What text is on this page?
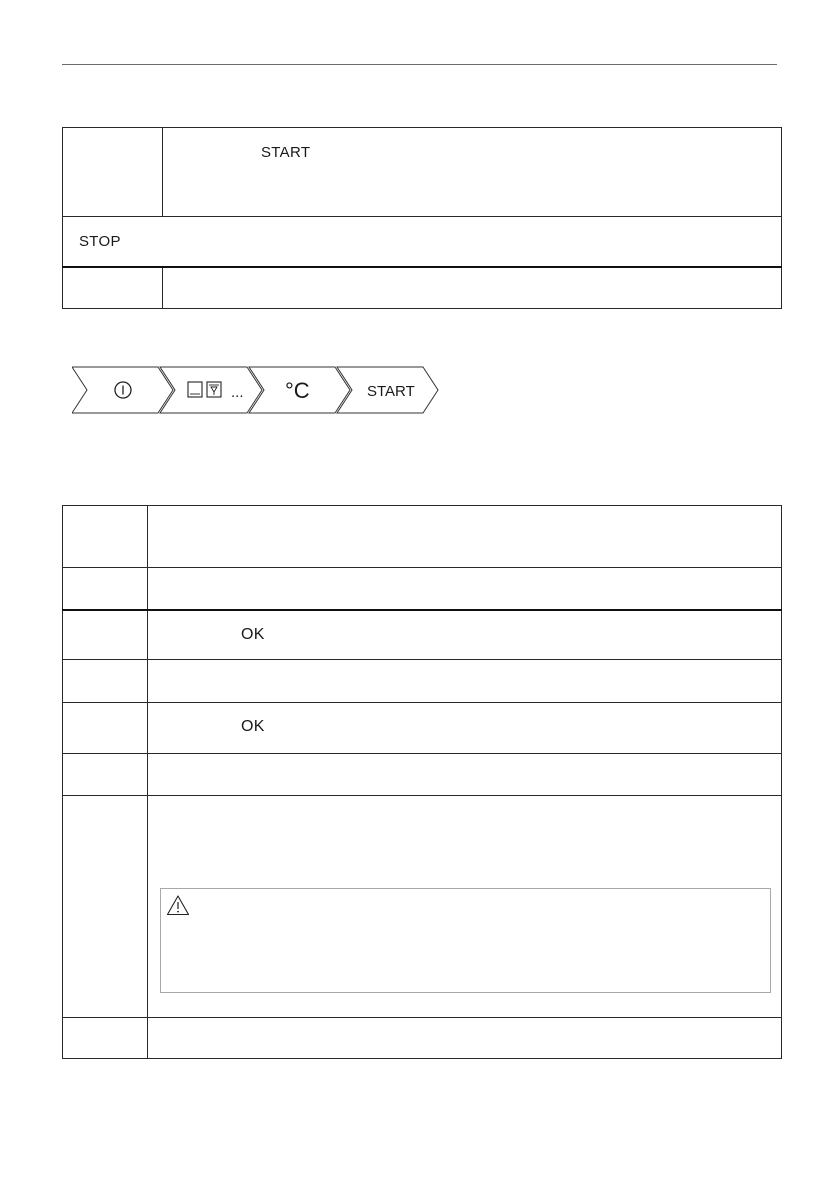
	START
STOP	

... °C	START

	OK

	OK
